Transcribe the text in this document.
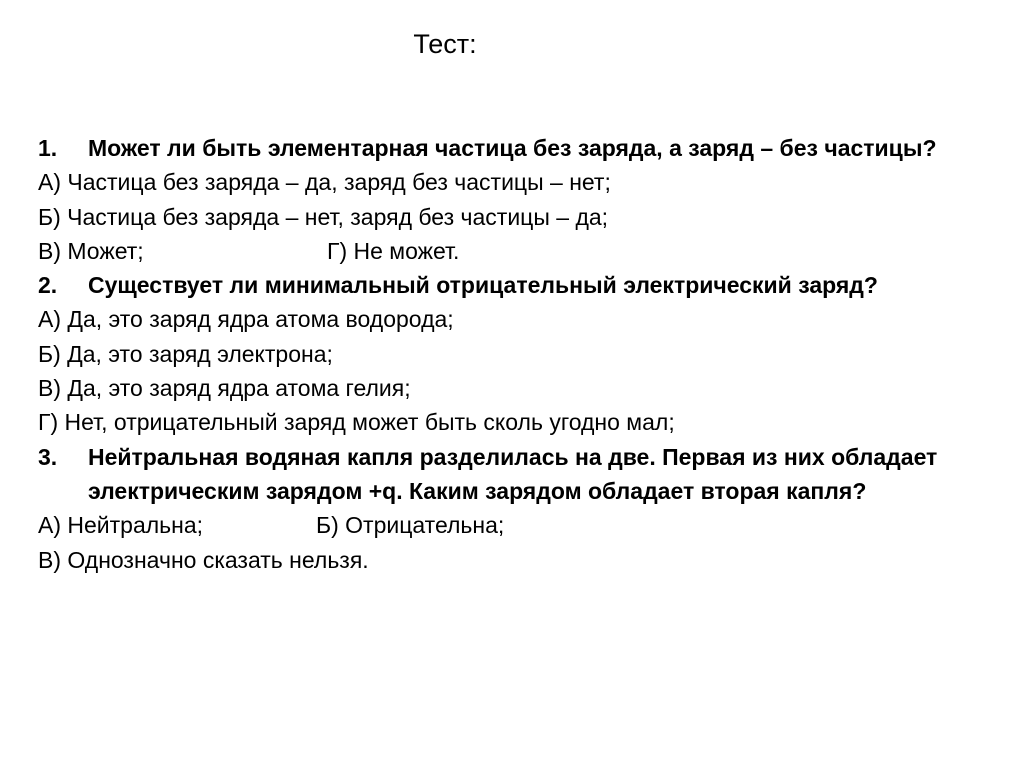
Тест:
1.	Может ли быть элементарная частица без заряда, а заряд – без частицы?
А) Частица без заряда – да, заряд без частицы – нет;
Б) Частица без заряда – нет, заряд без частицы – да;
В) Может;	Г) Не может.
2.	Существует ли минимальный отрицательный электрический заряд?
А) Да, это заряд ядра атома водорода;
Б) Да, это заряд электрона;
В) Да, это заряд ядра атома гелия;
Г) Нет, отрицательный заряд может быть сколь угодно мал;
3.	Нейтральная водяная капля разделилась на две. Первая из них обладает электрическим зарядом +q. Каким зарядом обладает вторая капля?
А) Нейтральна;	Б) Отрицательна;
В) Однозначно сказать нельзя.
